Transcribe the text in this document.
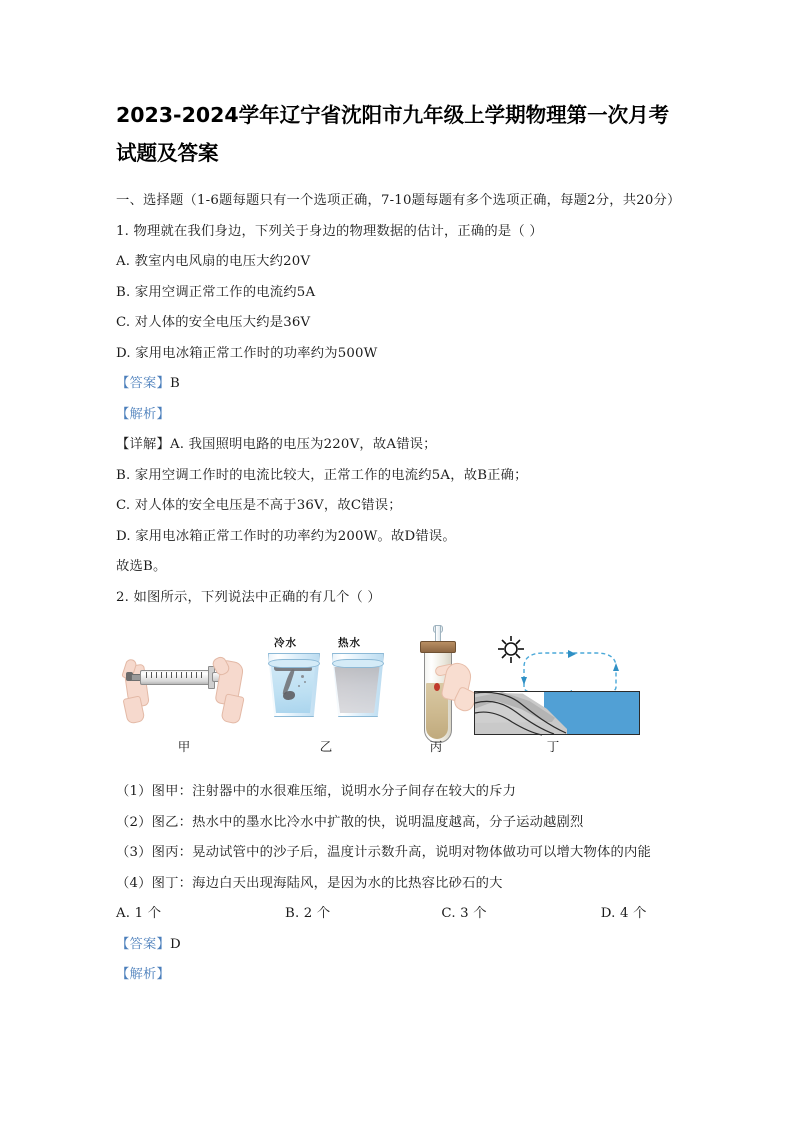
2023-2024学年辽宁省沈阳市九年级上学期物理第一次月考试题及答案

一、选择题（1-6题每题只有一个选项正确，7-10题每题有多个选项正确，每题2分，共20分）

1. 物理就在我们身边，下列关于身边的物理数据的估计，正确的是（ ）

A. 教室内电风扇的电压大约20V

B. 家用空调正常工作的电流约5A

C. 对人体的安全电压大约是36V

D. 家用电冰箱正常工作时的功率约为500W

【答案】B

【解析】

【详解】A. 我国照明电路的电压为220V，故A错误；

B. 家用空调工作时的电流比较大，正常工作的电流约5A，故B正确；

C. 对人体的安全电压是不高于36V，故C错误；

D. 家用电冰箱正常工作时的功率约为200W。故D错误。

故选B。

2. 如图所示，下列说法中正确的有几个（ ）

冷水	热水
甲	乙	丙	丁

（1）图甲：注射器中的水很难压缩，说明水分子间存在较大的斥力

（2）图乙：热水中的墨水比冷水中扩散的快，说明温度越高，分子运动越剧烈

（3）图丙：晃动试管中的沙子后，温度计示数升高，说明对物体做功可以增大物体的内能

（4）图丁：海边白天出现海陆风，是因为水的比热容比砂石的大

A. 1 个	B. 2 个	C. 3 个	D. 4 个

【答案】D

【解析】
